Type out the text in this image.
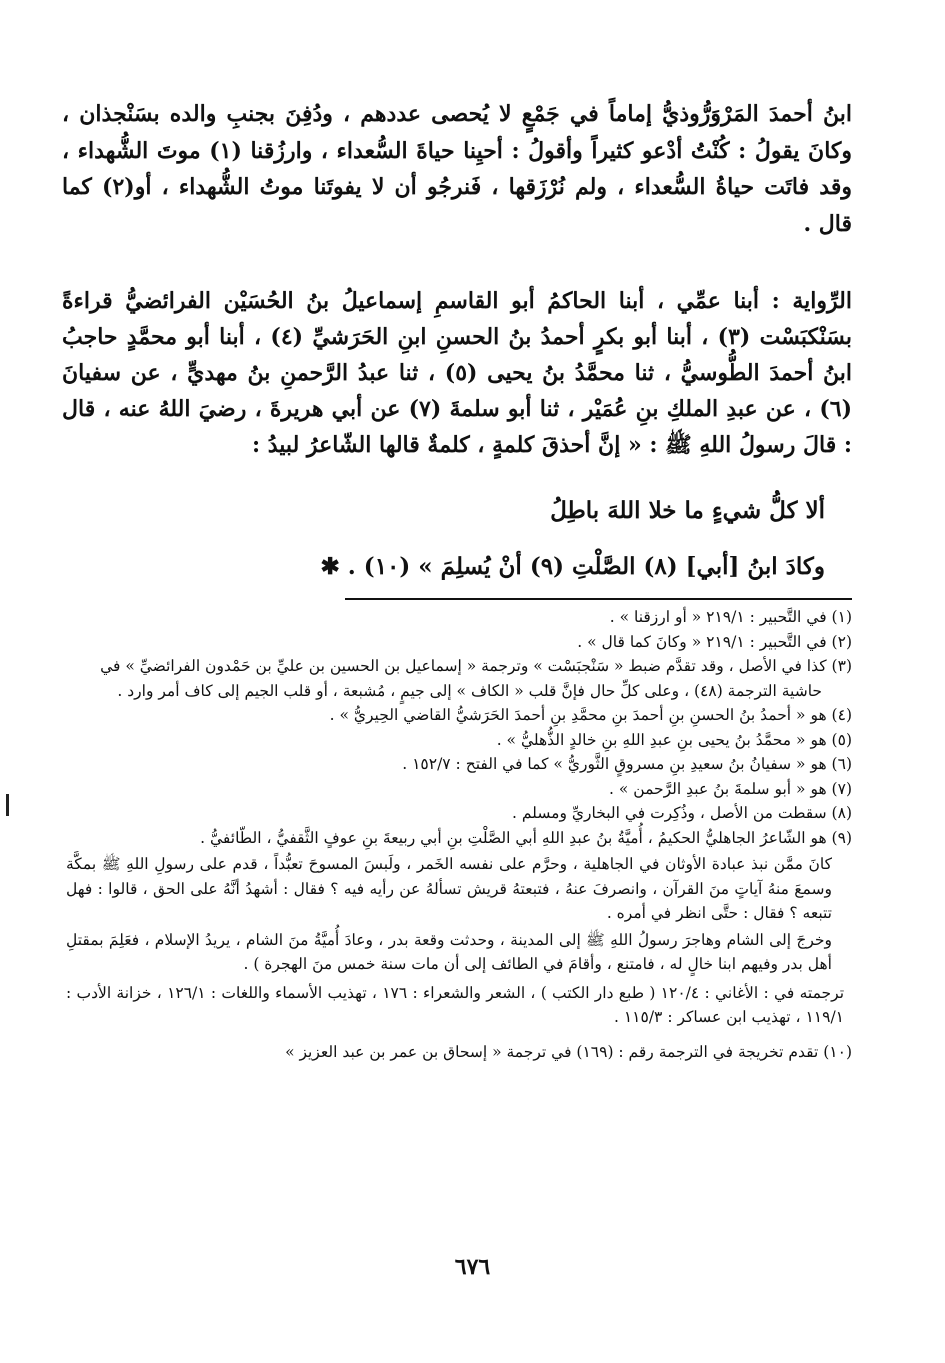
ابنُ أحمدَ المَرْوَرُّوذيُّ إماماً في جَمْعٍ لا يُحصى عددهم ، ودُفِنَ بجنبِ والده بسَنْجذان ، وكانَ يقولُ : كُنْتُ أدْعو كثيراً وأقولُ : أحيِنا حياةَ السُّعداء ، وارزُقنا (١) موتَ الشُّهداء ، وقد فاتَت حياةُ السُّعداء ، ولم نُرْزَقها ، فَنرجُو أن لا يفوتَنا موتُ الشُّهداء ، أو(٢) كما قال .

الرِّواية : أبنا عمِّي ، أبنا الحاكمُ أبو القاسمِ إسماعيلُ بنُ الحُسَيْن الفرائضيُّ قراءةً بسَنْكبَسْت (٣) ، أبنا أبو بكرٍ أحمدُ بنُ الحسنِ ابنِ الحَرَشيِّ (٤) ، أبنا أبو محمَّدٍ حاجبُ ابنُ أحمدَ الطُّوسيُّ ، ثنا محمَّدُ بنُ يحيى (٥) ، ثنا عبدُ الرَّحمنِ بنُ مهديٍّ ، عن سفيانَ (٦) ، عن عبدِ الملكِ بنِ عُمَيْر ، ثنا أبو سلمةَ (٧) عن أبي هريرةَ ، رضيَ اللهُ عنه ، قال : قالَ رسولُ اللهِ ﷺ : « إنَّ أحذقَ كلمةٍ ، كلمةٌ قالها الشّاعرُ لبيدُ :

ألا كلُّ شيءٍ ما خلا اللهَ باطِلُ
وكادَ ابنُ [أبي] (٨) الصَّلْتِ (٩) أنْ يُسلِمَ » (١٠) . ✱

(١) في التَّحبير : ٢١٩/١ « أو ارزقنا » .

(٢) في التَّحبير : ٢١٩/١ « وكانَ كما قال » .

(٣) كذا في الأصل ، وقد تقدَّم ضبط « سَنْجبَسْت » وترجمة « إسماعيل بن الحسين بن عليِّ بن حَمْدون الفرائضيِّ » في حاشية الترجمة (٤٨) ، وعلى كلِّ حال فإنَّ قلب « الكاف » إلى جيمٍ ، مُشبعة ، أو قلب الجيم إلى كاف أمر وارد .

(٤) هو « أحمدُ بنُ الحسنِ بنِ أحمدَ بنِ محمَّدِ بنِ أحمدَ الحَرَشيُّ القاضي الحِيريُّ » .

(٥) هو « محمَّدُ بنُ يحيى بنِ عبدِ اللهِ بنِ خالدٍ الذُّهليُّ » .

(٦) هو « سفيانُ بنُ سعيدِ بنِ مسروقٍ الثَّوريُّ » كما في الفتح : ١٥٢/٧ .

(٧) هو « أبو سلمةَ بنُ عبدِ الرَّحمن » .

(٨) سقطت من الأصل ، وذُكِرت في البخاريِّ ومسلم .

(٩) هو الشّاعرُ الجاهليُّ الحكيمُ ، أُميَّةُ بنُ عبدِ اللهِ أبي الصَّلْتِ بنِ أبي ربيعةَ بنِ عوفٍ الثَّقفيُّ ، الطّائفيُّ .

كانَ ممَّن نبذ عبادة الأوثان في الجاهلية ، وحرَّم على نفسه الخَمر ، ولَبسَ المسوحَ تعبُّداً ، قدم على رسولِ اللهِ ﷺ بمكَّة وسمعَ منهُ آياتٍ منَ القرآن ، وانصرفَ عنهُ ، فتبعتهُ قريش تسألهُ عن رأيه فيه ؟ فقال : أشهدُ أنَّهُ على الحق ، قالوا : فهل تتبعه ؟ فقال : حتَّى انظر في أمره .

وخرجَ إلى الشام وهاجرَ رسولُ اللهِ ﷺ إلى المدينة ، وحدثت وقعة بدر ، وعادَ أُميَّةُ منَ الشام ، يريدُ الإسلام ، فعَلِمَ بمقتلِ أهل بدر وفيهم ابنا خالٍ له ، فامتنع ، وأقامَ في الطائف إلى أن مات سنة خمس منَ الهجرة ) .

ترجمته في : الأغاني : ١٢٠/٤ ( طبع دار الكتب ) ، الشعر والشعراء : ١٧٦ ، تهذيب الأسماء واللغات : ١٢٦/١ ، خزانة الأدب : ١١٩/١ ، تهذيب ابن عساكر : ١١٥/٣ .

(١٠) تقدم تخريجة في الترجمة رقم : (١٦٩) في ترجمة « إسحاق بن عمر بن عبد العزيز »

٦٧٦
